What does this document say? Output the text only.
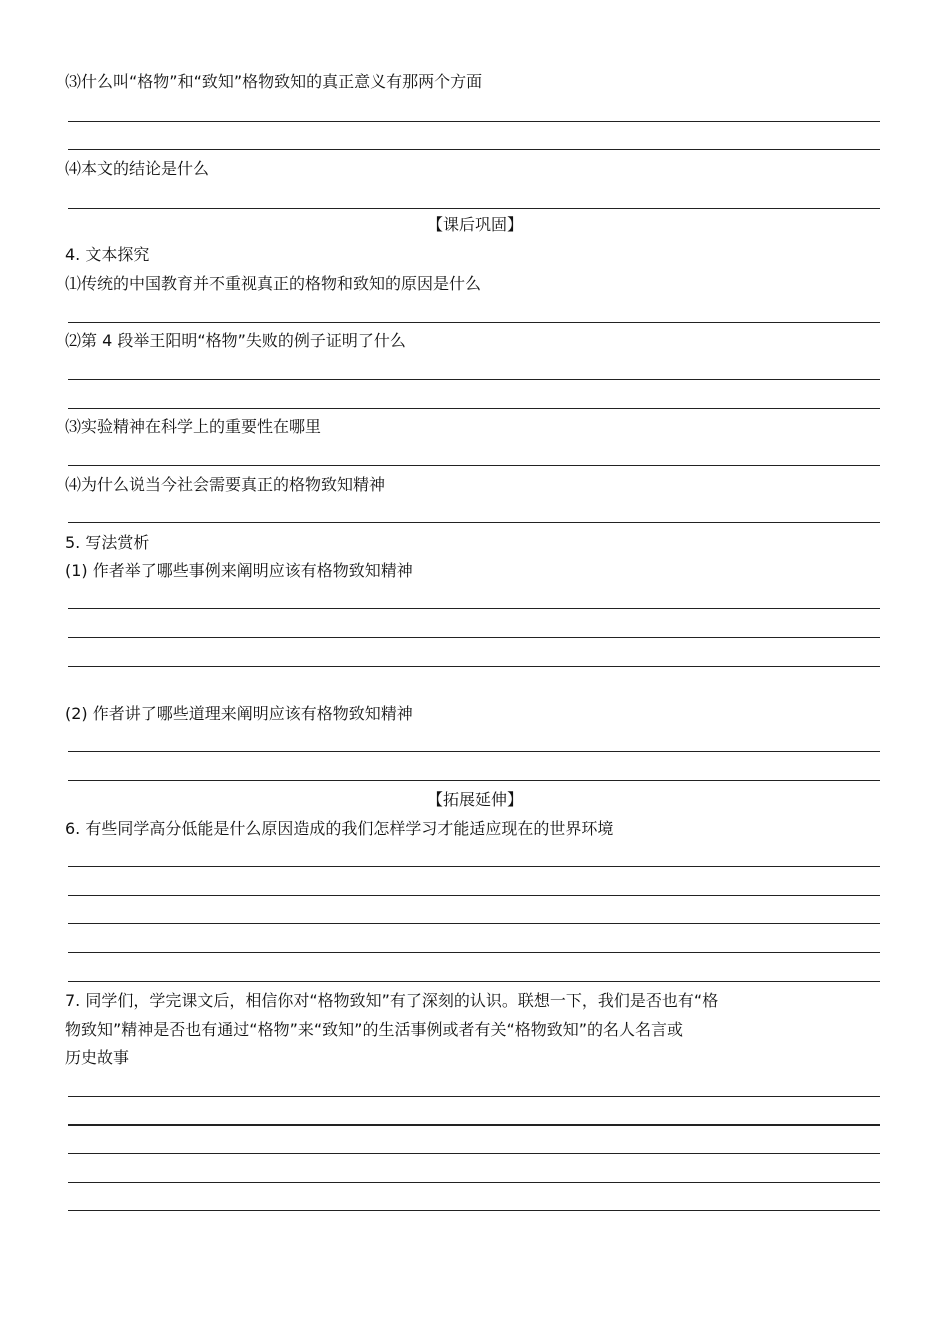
⑶什么叫“格物”和“致知”格物致知的真正意义有那两个方面
⑷本文的结论是什么
【课后巩固】
4. 文本探究
⑴传统的中国教育并不重视真正的格物和致知的原因是什么
⑵第 4 段举王阳明“格物”失败的例子证明了什么
⑶实验精神在科学上的重要性在哪里
⑷为什么说当今社会需要真正的格物致知精神
5. 写法赏析
(1) 作者举了哪些事例来阐明应该有格物致知精神
(2) 作者讲了哪些道理来阐明应该有格物致知精神
【拓展延伸】
6. 有些同学高分低能是什么原因造成的我们怎样学习才能适应现在的世界环境
7. 同学们，学完课文后，相信你对“格物致知”有了深刻的认识。联想一下，我们是否也有“格
物致知”精神是否也有通过“格物”来“致知”的生活事例或者有关“格物致知”的名人名言或
历史故事
